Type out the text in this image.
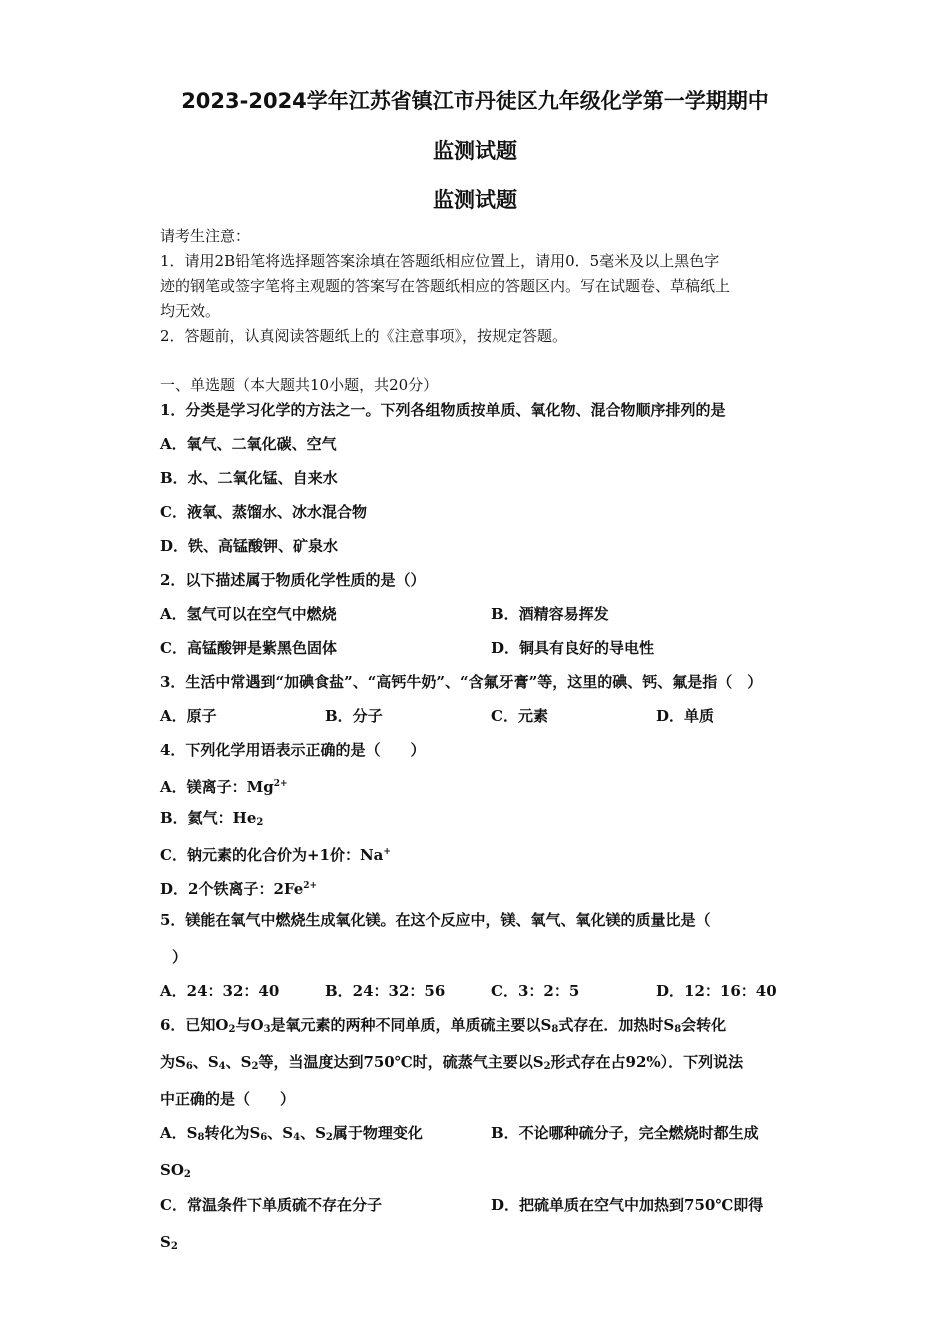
2023-2024学年江苏省镇江市丹徒区九年级化学第一学期期中
监测试题
监测试题
请考生注意：
1．请用2B铅笔将选择题答案涂填在答题纸相应位置上，请用0．5毫米及以上黑色字
迹的钢笔或签字笔将主观题的答案写在答题纸相应的答题区内。写在试题卷、草稿纸上
均无效。
2．答题前，认真阅读答题纸上的《注意事项》，按规定答题。
一、单选题（本大题共10小题，共20分）
1．分类是学习化学的方法之一。下列各组物质按单质、氧化物、混合物顺序排列的是
A．氧气、二氧化碳、空气
B．水、二氧化锰、自来水
C．液氧、蒸馏水、冰水混合物
D．铁、高锰酸钾、矿泉水
2．以下描述属于物质化学性质的是（）
A．氢气可以在空气中燃烧	B．酒精容易挥发
C．高锰酸钾是紫黑色固体	D．铜具有良好的导电性
3．生活中常遇到“加碘食盐”、“高钙牛奶”、“含氟牙膏”等，这里的碘、钙、氟是指（　）
A．原子	B．分子	C．元素	D．单质
4．下列化学用语表示正确的是（　　）
A．镁离子：$Mg^{2+}$
B．氦气：$He_2$
C．钠元素的化合价为+1价：Na+
D．2个铁离子：$2Fe^{2+}$
5．镁能在氧气中燃烧生成氧化镁。在这个反应中，镁、氧气、氧化镁的质量比是（
）
A．24：32：40	B．24：32：56	C．3：2：5	D．12：16：40
6．已知$O_2$与$O_3$是氧元素的两种不同单质，单质硫主要以$S_8$式存在．加热时$S_8$会转化
为$S_6$、$S_4$、$S_2$等，当温度达到750℃时，硫蒸气主要以$S_2$形式存在占92%）．下列说法
中正确的是（　　）
A．$S_8$转化为$S_6$、$S_4$、$S_2$属于物理变化	B．不论哪种硫分子，完全燃烧时都生成
$SO_2$
C．常温条件下单质硫不存在分子	D．把硫单质在空气中加热到750℃即得
$S_2$
